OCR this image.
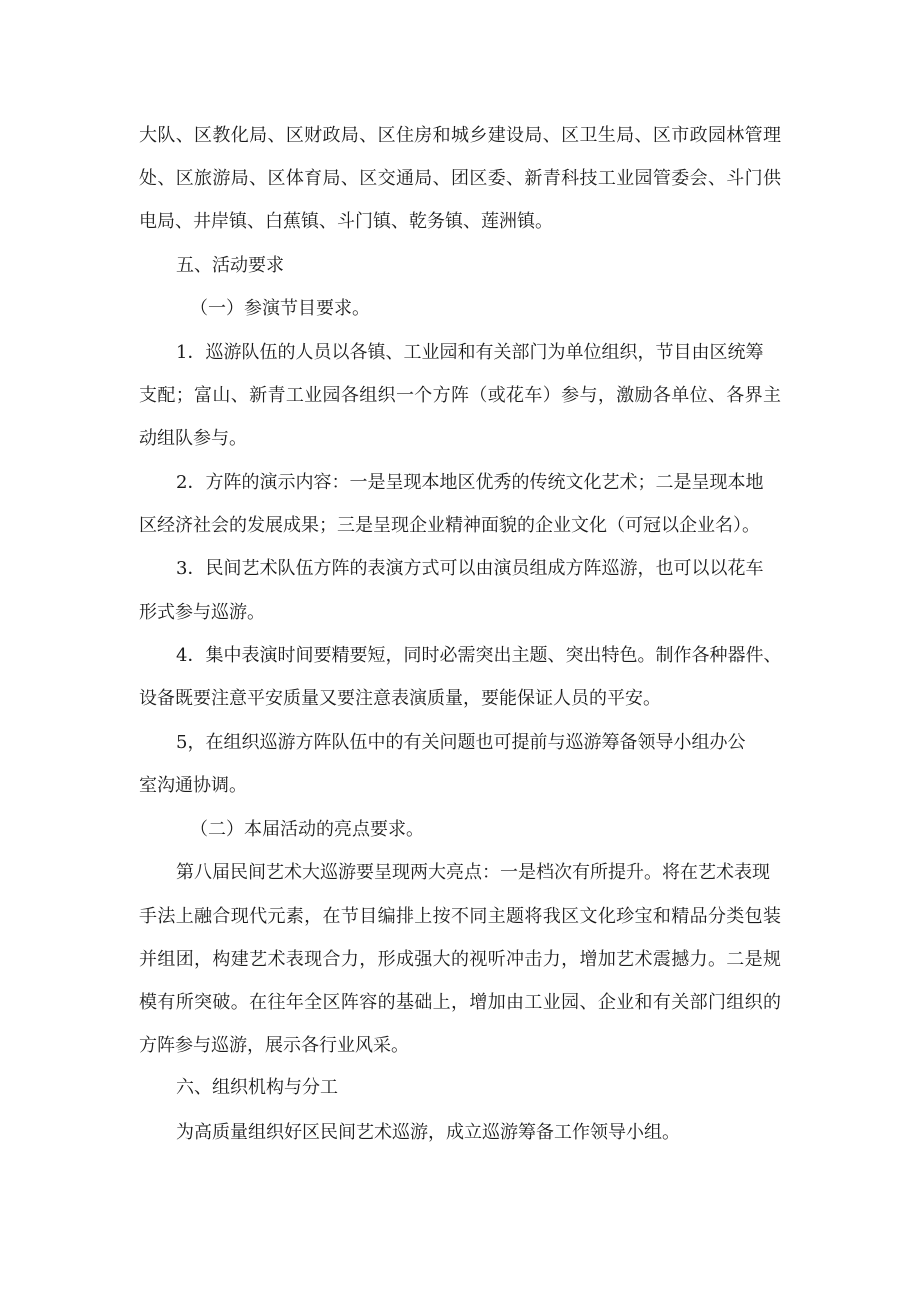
大队、区教化局、区财政局、区住房和城乡建设局、区卫生局、区市政园林管理
处、区旅游局、区体育局、区交通局、团区委、新青科技工业园管委会、斗门供
电局、井岸镇、白蕉镇、斗门镇、乾务镇、莲洲镇。
五、活动要求
（一）参演节目要求。
1．巡游队伍的人员以各镇、工业园和有关部门为单位组织，节目由区统筹
支配；富山、新青工业园各组织一个方阵（或花车）参与，激励各单位、各界主
动组队参与。
2．方阵的演示内容：一是呈现本地区优秀的传统文化艺术；二是呈现本地
区经济社会的发展成果；三是呈现企业精神面貌的企业文化（可冠以企业名）。
3．民间艺术队伍方阵的表演方式可以由演员组成方阵巡游，也可以以花车
形式参与巡游。
4．集中表演时间要精要短，同时必需突出主题、突出特色。制作各种器件、
设备既要注意平安质量又要注意表演质量，要能保证人员的平安。
5，在组织巡游方阵队伍中的有关问题也可提前与巡游筹备领导小组办公
室沟通协调。
（二）本届活动的亮点要求。
第八届民间艺术大巡游要呈现两大亮点：一是档次有所提升。将在艺术表现
手法上融合现代元素，在节目编排上按不同主题将我区文化珍宝和精品分类包装
并组团，构建艺术表现合力，形成强大的视听冲击力，增加艺术震撼力。二是规
模有所突破。在往年全区阵容的基础上，增加由工业园、企业和有关部门组织的
方阵参与巡游，展示各行业风采。
六、组织机构与分工
为高质量组织好区民间艺术巡游，成立巡游筹备工作领导小组。
